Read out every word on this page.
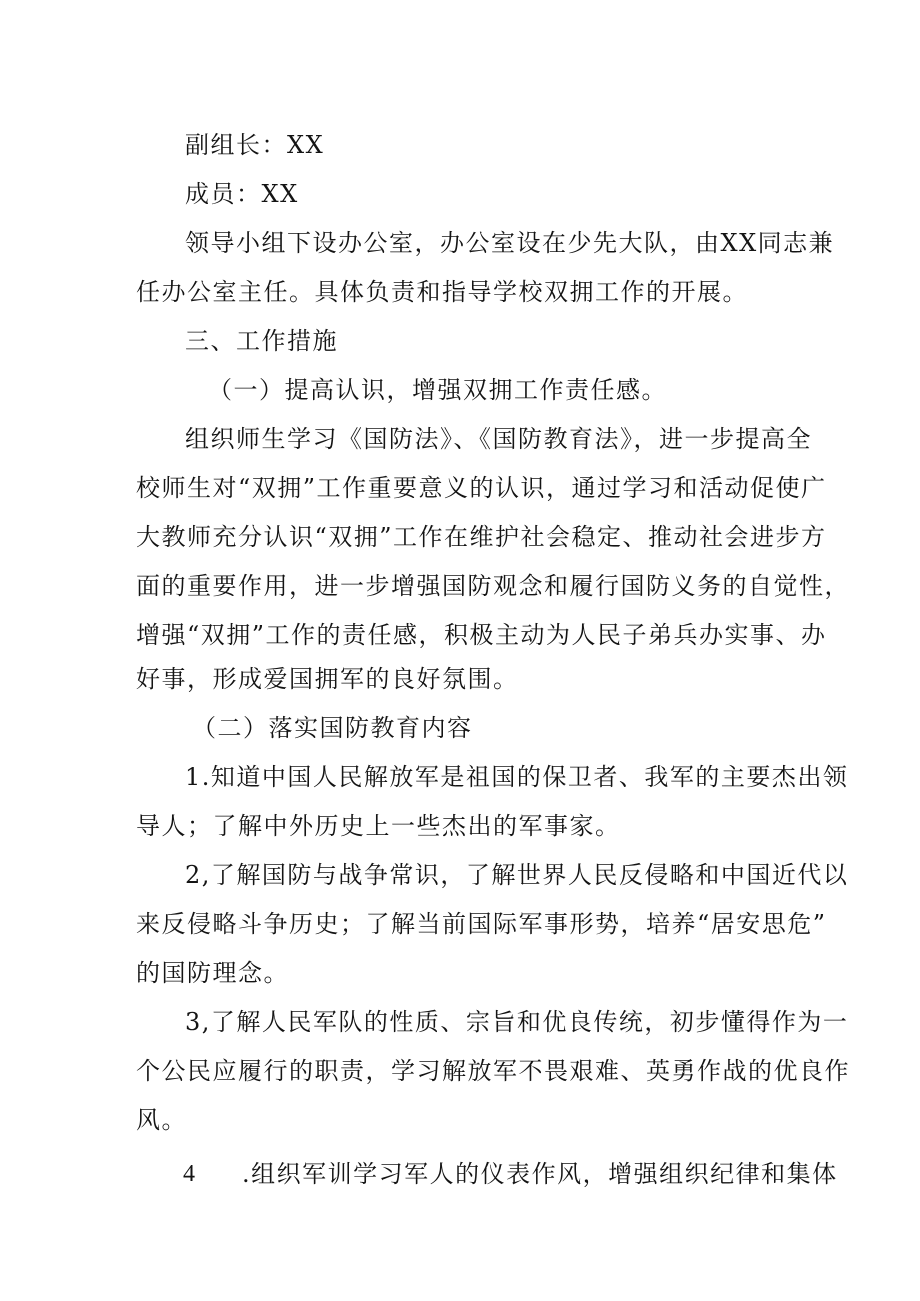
副组长：XX
成员：XX
领导小组下设办公室，办公室设在少先大队，由XX同志兼
任办公室主任。具体负责和指导学校双拥工作的开展。
三、工作措施
（一）提高认识，增强双拥工作责任感。
组织师生学习《国防法》、《国防教育法》，进一步提高全
校师生对“双拥”工作重要意义的认识，通过学习和活动促使广
大教师充分认识“双拥”工作在维护社会稳定、推动社会进步方
面的重要作用，进一步增强国防观念和履行国防义务的自觉性，
增强“双拥”工作的责任感，积极主动为人民子弟兵办实事、办
好事，形成爱国拥军的良好氛围。
（二）落实国防教育内容
1.知道中国人民解放军是祖国的保卫者、我军的主要杰出领
导人；了解中外历史上一些杰出的军事家。
2,了解国防与战争常识，了解世界人民反侵略和中国近代以
来反侵略斗争历史；了解当前国际军事形势，培养“居安思危”
的国防理念。
3,了解人民军队的性质、宗旨和优良传统，初步懂得作为一
个公民应履行的职责，学习解放军不畏艰难、英勇作战的优良作
风。
4 .组织军训学习军人的仪表作风，增强组织纪律和集体
